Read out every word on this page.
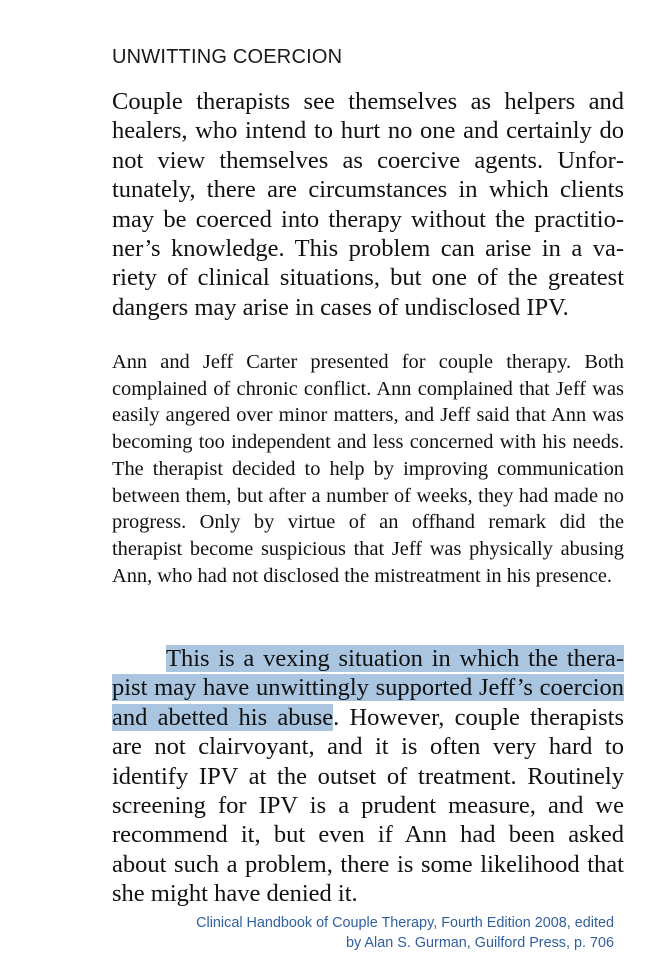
UNWITTING COERCION

Couple therapists see themselves as helpers and healers, who intend to hurt no one and certainly do not view themselves as coercive agents. Unfortunately, there are circumstances in which clients may be coerced into therapy without the practitioner’s knowledge. This problem can arise in a variety of clinical situations, but one of the greatest dangers may arise in cases of undisclosed IPV.

Ann and Jeff Carter presented for couple therapy. Both complained of chronic conflict. Ann complained that Jeff was easily angered over minor matters, and Jeff said that Ann was becoming too independent and less concerned with his needs. The therapist decided to help by improving communication between them, but after a number of weeks, they had made no progress. Only by virtue of an offhand remark did the therapist become suspicious that Jeff was physically abusing Ann, who had not disclosed the mistreatment in his presence.

This is a vexing situation in which the therapist may have unwittingly supported Jeff’s coercion and abetted his abuse. However, couple therapists are not clairvoyant, and it is often very hard to identify IPV at the outset of treatment. Routinely screening for IPV is a prudent measure, and we recommend it, but even if Ann had been asked about such a problem, there is some likelihood that she might have denied it.

Clinical Handbook of Couple Therapy, Fourth Edition 2008, edited
by Alan S. Gurman, Guilford Press, p. 706
